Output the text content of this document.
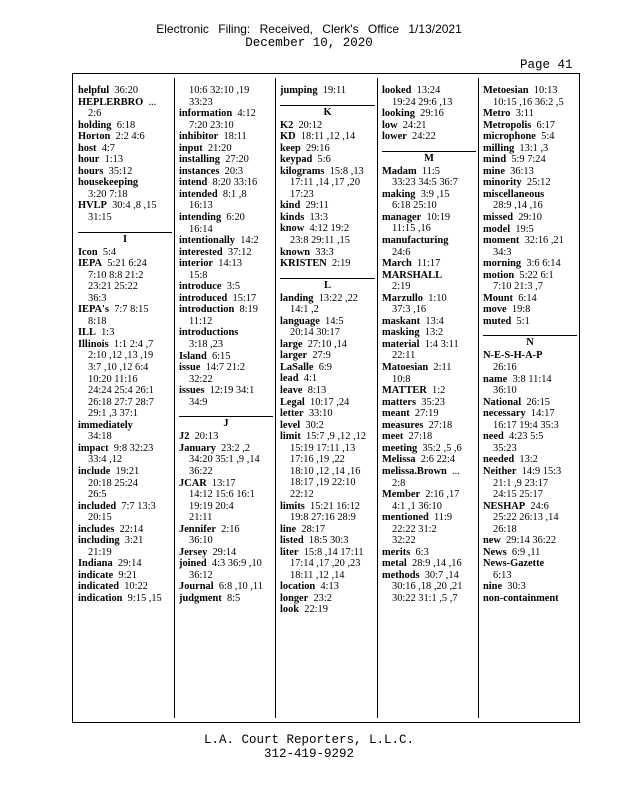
Electronic Filing: Received, Clerk's Office 1/13/2021
December 10, 2020
Page 41
helpful 36:20
HEPLERBRO ...
2:6
holding 6:18
Horton 2:2 4:6
host 4:7
hour 1:13
hours 35:12
housekeeping
3:20 7:18
HVLP 30:4 ,8 ,15
31:15
I
Icon 5:4
IEPA 5:21 6:24
7:10 8:8 21:2
23:21 25:22
36:3
IEPA's 7:7 8:15
8:18
ILL 1:3
Illinois 1:1 2:4 ,7
2:10 ,12 ,13 ,19
3:7 ,10 ,12 6:4
10:20 11:16
24:24 25:4 26:1
26:18 27:7 28:7
29:1 ,3 37:1
immediately
34:18
impact 9:8 32:23
33:4 ,12
include 19:21
20:18 25:24
26:5
included 7:7 13:3
20:15
includes 22:14
including 3:21
21:19
Indiana 29:14
indicate 9:21
indicated 10:22
indication 9:15 ,15
10:6 32:10 ,19
33:23
information 4:12
7:20 23:10
inhibitor 18:11
input 21:20
installing 27:20
instances 20:3
intend 8:20 33:16
intended 8:1 ,8
16:13
intending 6:20
16:14
intentionally 14:2
interested 37:12
interior 14:13
15:8
introduce 3:5
introduced 15:17
introduction 8:19
11:12
introductions
3:18 ,23
Island 6:15
issue 14:7 21:2
32:22
issues 12:19 34:1
34:9
J
J2 20:13
January 23:2 ,2
34:20 35:1 ,9 ,14
36:22
JCAR 13:17
14:12 15:6 16:1
19:19 20:4
21:11
Jennifer 2:16
36:10
Jersey 29:14
joined 4:3 36:9 ,10
36:12
Journal 6:8 ,10 ,11
judgment 8:5
jumping 19:11
K
K2 20:12
KD 18:11 ,12 ,14
keep 29:16
keypad 5:6
kilograms 15:8 ,13
17:11 ,14 ,17 ,20
17:23
kind 29:11
kinds 13:3
know 4:12 19:2
23:8 29:11 ,15
known 33:3
KRISTEN 2:19
L
landing 13:22 ,22
14:1 ,2
language 14:5
20:14 30:17
large 27:10 ,14
larger 27:9
LaSalle 6:9
lead 4:1
leave 8:13
Legal 10:17 ,24
letter 33:10
level 30:2
limit 15:7 ,9 ,12 ,12
15:19 17:11 ,13
17:16 ,19 ,22
18:10 ,12 ,14 ,16
18:17 ,19 22:10
22:12
limits 15:21 16:12
19:8 27:16 28:9
line 28:17
listed 18:5 30:3
liter 15:8 ,14 17:11
17:14 ,17 ,20 ,23
18:11 ,12 ,14
location 4:13
longer 23:2
look 22:19
looked 13:24
19:24 29:6 ,13
looking 29:16
low 24:21
lower 24:22
M
Madam 11:5
33:23 34:5 36:7
making 3:9 ,15
6:18 25:10
manager 10:19
11:15 ,16
manufacturing
24:6
March 11:17
MARSHALL
2:19
Marzullo 1:10
37:3 ,16
maskant 13:4
masking 13:2
material 1:4 3:11
22:11
Matoesian 2:11
10:8
MATTER 1:2
matters 35:23
meant 27:19
measures 27:18
meet 27:18
meeting 35:2 ,5 ,6
Melissa 2:6 22:4
melissa.Brown ...
2:8
Member 2:16 ,17
4:1 ,1 36:10
mentioned 11:9
22:22 31:2
32:22
merits 6:3
metal 28:9 ,14 ,16
methods 30:7 ,14
30:16 ,18 ,20 ,21
30:22 31:1 ,5 ,7
Metoesian 10:13
10:15 ,16 36:2 ,5
Metro 3:11
Metropolis 6:17
microphone 5:4
milling 13:1 ,3
mind 5:9 7:24
mine 36:13
minority 25:12
miscellaneous
28:9 ,14 ,16
missed 29:10
model 19:5
moment 32:16 ,21
34:3
morning 3:6 6:14
motion 5:22 6:1
7:10 21:3 ,7
Mount 6:14
move 19:8
muted 5:1
N
N-E-S-H-A-P
26:16
name 3:8 11:14
36:10
National 26:15
necessary 14:17
16:17 19:4 35:3
need 4:23 5:5
35:23
needed 13:2
Neither 14:9 15:3
21:1 ,9 23:17
24:15 25:17
NESHAP 24:6
25:22 26:13 ,14
26:18
new 29:14 36:22
News 6:9 ,11
News-Gazette
6:13
nine 30:3
non-containment
L.A. Court Reporters, L.L.C.
312-419-9292
